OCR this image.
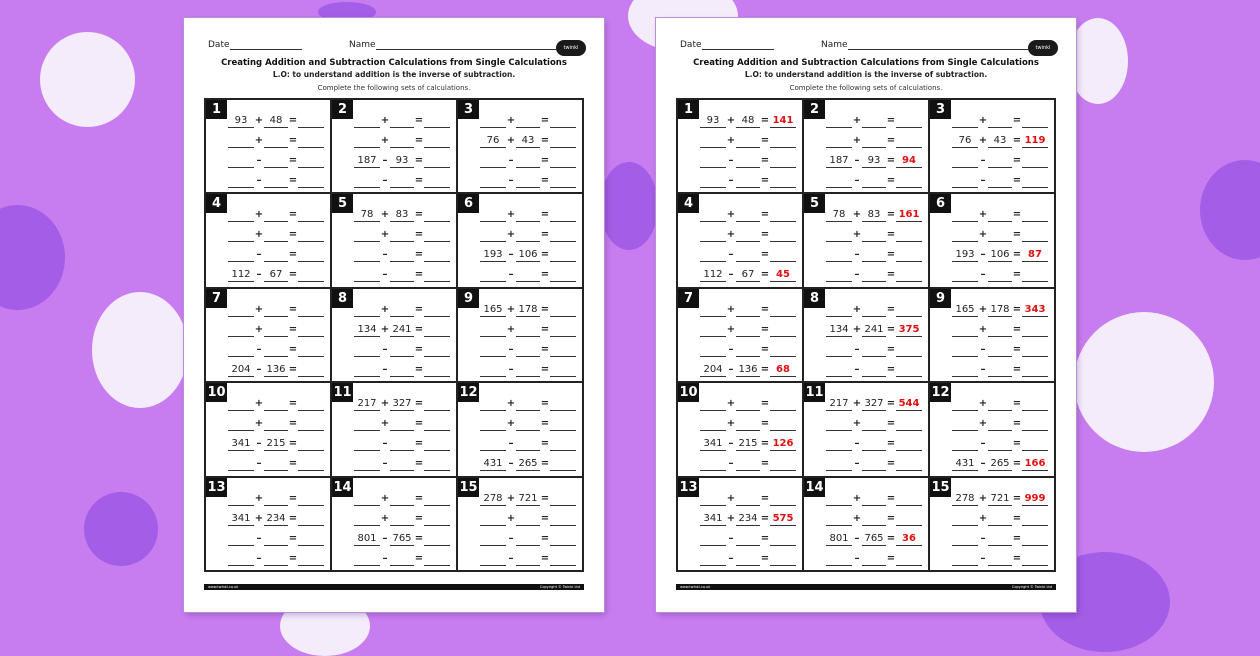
Date	Name	twinkl
Creating Addition and Subtraction Calculations from Single Calculations
L.O: to understand addition is the inverse of subtraction.
Complete the following sets of calculations.
1
93 + 48 =
+	=
–	=
–	=
2
+	=
+	=
187 – 93 =
–	=
3
+	=
76 + 43 =
–	=
–	=
4
+	=
+	=
–	=
112 – 67 =
5
78 + 83 =
+	=
–	=
–	=
6
+	=
+	=
193 – 106 =
–	=
7
+	=
+	=
–	=
204 – 136 =
8
+	=
134 + 241 =
–	=
–	=
9
165 + 178 =
+	=
–	=
–	=
10
+	=
+	=
341 – 215 =
–	=
11
217 + 327 =
+	=
–	=
–	=
12
+	=
+	=
–	=
431 – 265 =
13
+	=
341 + 234 =
–	=
–	=
14
+	=
+	=
801 – 765 =
–	=
15
278 + 721 =
+	=
–	=
–	=
www.twinkl.co.uk	Copyright © Twinkl Ltd
Date	Name	twinkl
Creating Addition and Subtraction Calculations from Single Calculations
L.O: to understand addition is the inverse of subtraction.
Complete the following sets of calculations.
1
93 + 48 = 141
+	=
–	=
–	=
2
+	=
+	=
187 – 93 = 94
–	=
3
+	=
76 + 43 = 119
–	=
–	=
4
+	=
+	=
–	=
112 – 67 = 45
5
78 + 83 = 161
+	=
–	=
–	=
6
+	=
+	=
193 – 106 = 87
–	=
7
+	=
+	=
–	=
204 – 136 = 68
8
+	=
134 + 241 = 375
–	=
–	=
9
165 + 178 = 343
+	=
–	=
–	=
10
+	=
+	=
341 – 215 = 126
–	=
11
217 + 327 = 544
+	=
–	=
–	=
12
+	=
+	=
–	=
431 – 265 = 166
13
+	=
341 + 234 = 575
–	=
–	=
14
+	=
+	=
801 – 765 = 36
–	=
15
278 + 721 = 999
+	=
–	=
–	=
www.twinkl.co.uk	Copyright © Twinkl Ltd
